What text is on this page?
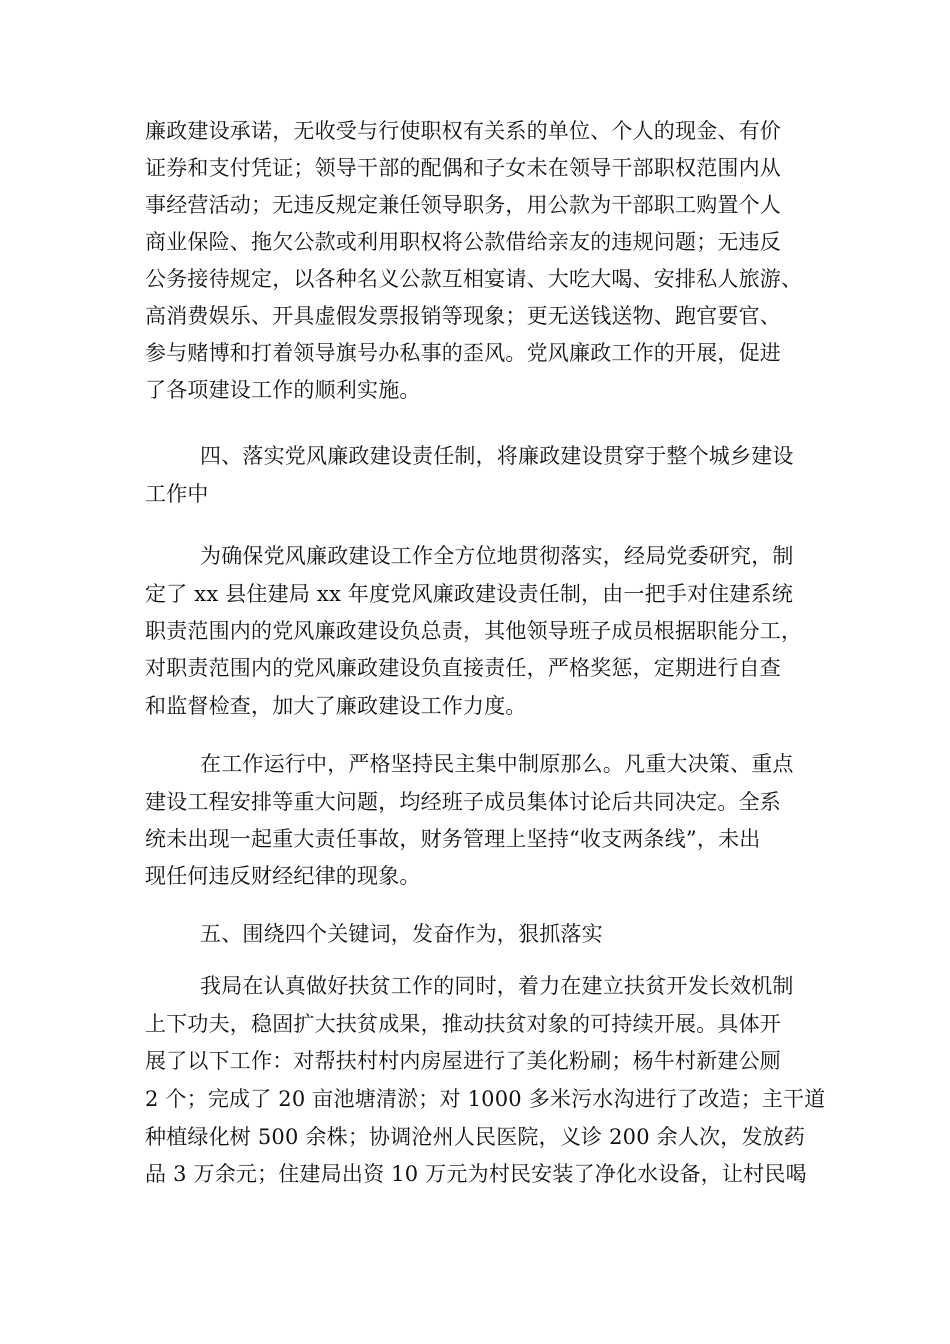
廉政建设承诺，无收受与行使职权有关系的单位、个人的现金、有价
证券和支付凭证；领导干部的配偶和子女未在领导干部职权范围内从
事经营活动；无违反规定兼任领导职务，用公款为干部职工购置个人
商业保险、拖欠公款或利用职权将公款借给亲友的违规问题；无违反
公务接待规定，以各种名义公款互相宴请、大吃大喝、安排私人旅游、
高消费娱乐、开具虚假发票报销等现象；更无送钱送物、跑官要官、
参与赌博和打着领导旗号办私事的歪风。党风廉政工作的开展，促进
了各项建设工作的顺利实施。
四、落实党风廉政建设责任制，将廉政建设贯穿于整个城乡建设
工作中
为确保党风廉政建设工作全方位地贯彻落实，经局党委研究，制
定了 xx 县住建局 xx 年度党风廉政建设责任制，由一把手对住建系统
职责范围内的党风廉政建设负总责，其他领导班子成员根据职能分工，
对职责范围内的党风廉政建设负直接责任，严格奖惩，定期进行自查
和监督检查，加大了廉政建设工作力度。
在工作运行中，严格坚持民主集中制原那么。凡重大决策、重点
建设工程安排等重大问题，均经班子成员集体讨论后共同决定。全系
统未出现一起重大责任事故，财务管理上坚持“收支两条线”，未出
现任何违反财经纪律的现象。
五、围绕四个关键词，发奋作为，狠抓落实
我局在认真做好扶贫工作的同时，着力在建立扶贫开发长效机制
上下功夫，稳固扩大扶贫成果，推动扶贫对象的可持续开展。具体开
展了以下工作：对帮扶村村内房屋进行了美化粉刷；杨牛村新建公厕
2 个；完成了 20 亩池塘清淤；对 1000 多米污水沟进行了改造；主干道
种植绿化树 500 余株；协调沧州人民医院，义诊 200 余人次，发放药
品 3 万余元；住建局出资 10 万元为村民安装了净化水设备，让村民喝
